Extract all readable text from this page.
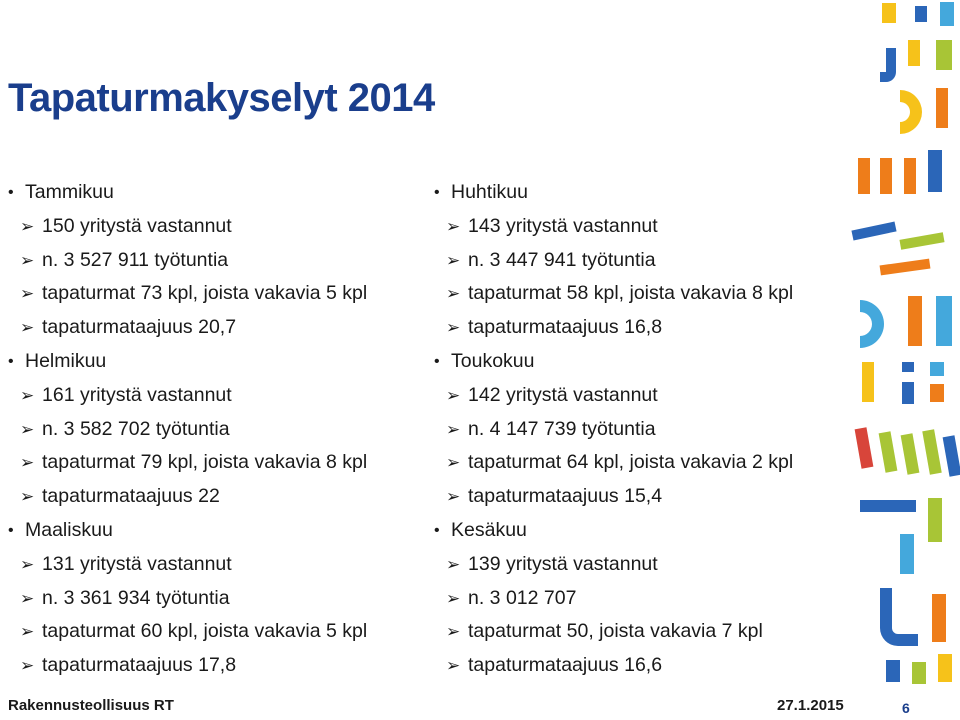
Tapaturmakyselyt 2014
• Tammikuu
➢ 150 yritystä vastannut
➢ n. 3 527 911 työtuntia
➢ tapaturmat 73 kpl, joista vakavia 5 kpl
➢ tapaturmataajuus 20,7
• Helmikuu
➢ 161 yritystä vastannut
➢ n. 3 582 702 työtuntia
➢ tapaturmat 79 kpl, joista vakavia 8 kpl
➢ tapaturmataajuus 22
• Maaliskuu
➢ 131 yritystä vastannut
➢ n. 3 361 934 työtuntia
➢ tapaturmat 60 kpl, joista vakavia 5 kpl
➢ tapaturmataajuus 17,8
• Huhtikuu
➢ 143 yritystä vastannut
➢ n. 3 447 941 työtuntia
➢ tapaturmat 58 kpl, joista vakavia 8 kpl
➢ tapaturmataajuus 16,8
• Toukokuu
➢ 142 yritystä vastannut
➢ n. 4 147 739 työtuntia
➢ tapaturmat 64 kpl, joista vakavia 2 kpl
➢ tapaturmataajuus 15,4
• Kesäkuu
➢ 139 yritystä vastannut
➢ n. 3 012 707
➢ tapaturmat 50, joista vakavia 7 kpl
➢ tapaturmataajuus 16,6
Rakennusteollisuus RT	27.1.2015	6
